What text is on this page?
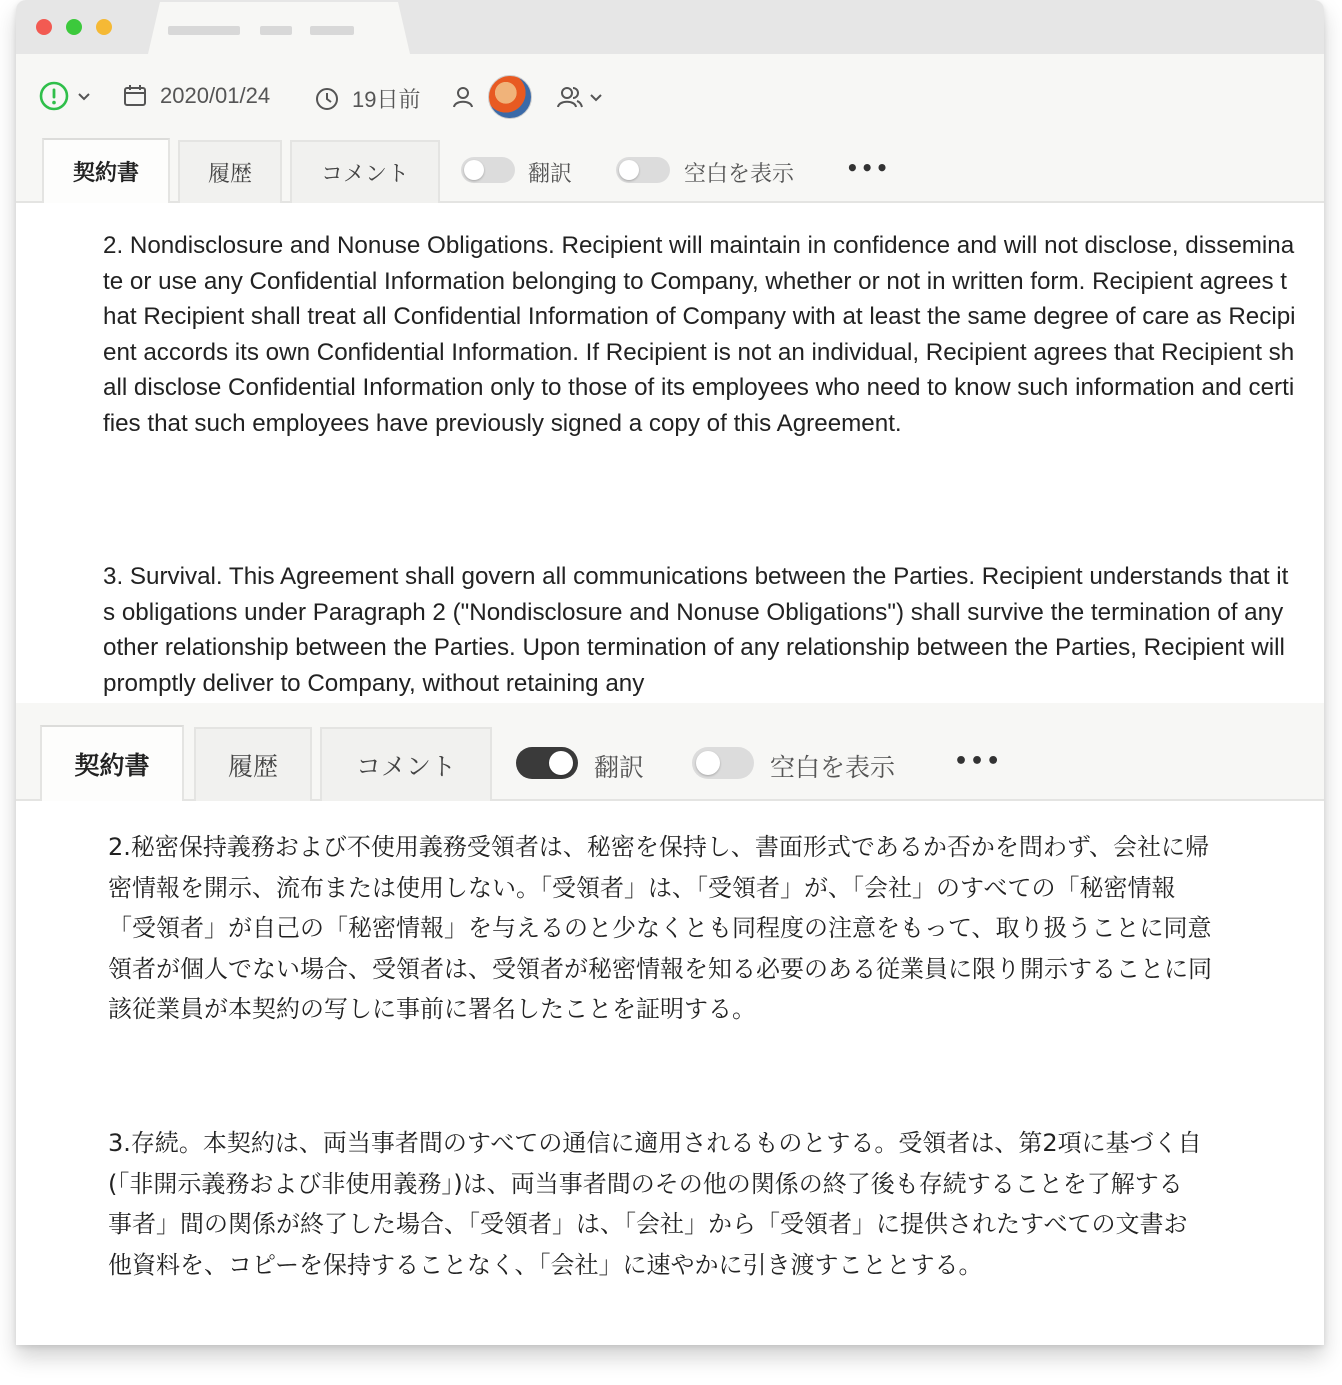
2020/01/24	19日前
契約書	履歴	コメント	翻訳	空白を表示	•••
2. Nondisclosure and Nonuse Obligations. Recipient will maintain in confidence and will not disclose, disseminate or use any Confidential Information belonging to Company, whether or not in written form. Recipient agrees that Recipient shall treat all Confidential Information of Company with at least the same degree of care as Recipient accords its own Confidential Information. If Recipient is not an individual, Recipient agrees that Recipient shall disclose Confidential Information only to those of its employees who need to know such information and certifies that such employees have previously signed a copy of this Agreement.
3. Survival. This Agreement shall govern all communications between the Parties. Recipient understands that its obligations under Paragraph 2 ("Nondisclosure and Nonuse Obligations") shall survive the termination of any other relationship between the Parties. Upon termination of any relationship between the Parties, Recipient will promptly deliver to Company, without retaining any
契約書	履歴	コメント	翻訳	空白を表示	•••
2.秘密保持義務および不使用義務受領者は、秘密を保持し、書面形式であるか否かを問わず、会社に帰
密情報を開示、流布または使用しない。「受領者」は、「受領者」が、「会社」のすべての「秘密情報
「受領者」が自己の「秘密情報」を与えるのと少なくとも同程度の注意をもって、取り扱うことに同意
領者が個人でない場合、受領者は、受領者が秘密情報を知る必要のある従業員に限り開示することに同
該従業員が本契約の写しに事前に署名したことを証明する。
3.存続。本契約は、両当事者間のすべての通信に適用されるものとする。受領者は、第2項に基づく自
(「非開示義務および非使用義務」)は、両当事者間のその他の関係の終了後も存続することを了解する
事者」間の関係が終了した場合、「受領者」は、「会社」から「受領者」に提供されたすべての文書お
他資料を、コピーを保持することなく、「会社」に速やかに引き渡すこととする。
